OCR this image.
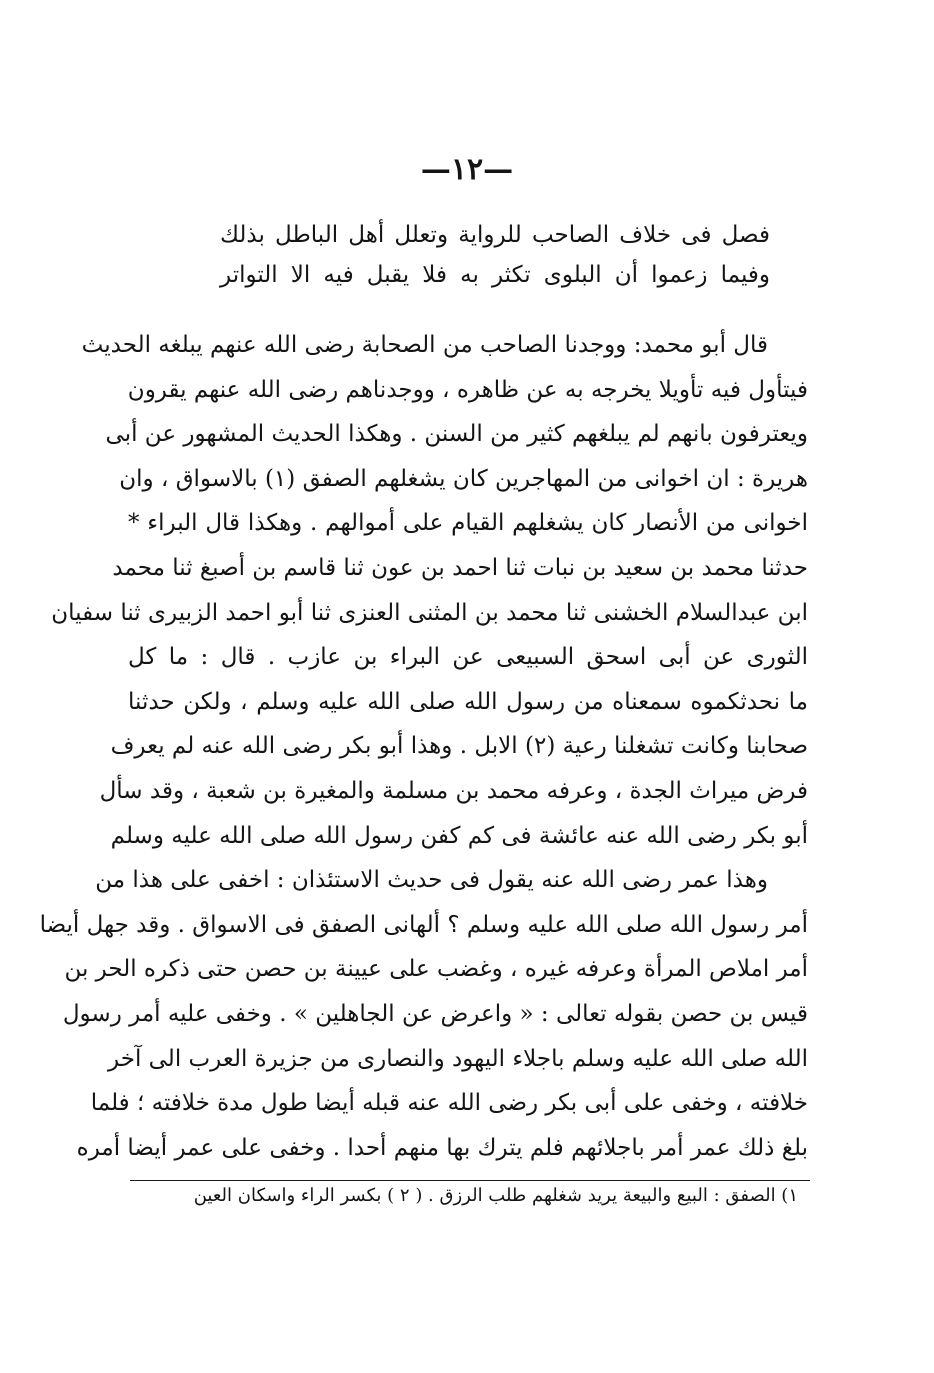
—١٢—
فصل فى خلاف الصاحب للرواية وتعلل أهل الباطل بذلك
وفيما زعموا أن البلوى تكثر به فلا يقبل فيه الا التواتر
قال أبو محمد: ووجدنا الصاحب من الصحابة رضى الله عنهم يبلغه الحديث
فيتأول فيه تأويلا يخرجه به عن ظاهره ، ووجدناهم رضى الله عنهم يقرون
ويعترفون بانهم لم يبلغهم كثير من السنن . وهكذا الحديث المشهور عن أبى
هريرة : ان اخوانى من المهاجرين كان يشغلهم الصفق (١) بالاسواق ، وان
اخوانى من الأنصار كان يشغلهم القيام على أموالهم . وهكذا قال البراء *
حدثنا محمد بن سعيد بن نبات ثنا احمد بن عون ثنا قاسم بن أصبغ ثنا محمد
ابن عبدالسلام الخشنى ثنا محمد بن المثنى العنزى ثنا أبو احمد الزبيرى ثنا سفيان
الثورى عن أبى اسحق السبيعى عن البراء بن عازب . قال : ما كل
ما نحدثكموه سمعناه من رسول الله صلى الله عليه وسلم ، ولكن حدثنا
صحابنا وكانت تشغلنا رعية (٢) الابل . وهذا أبو بكر رضى الله عنه لم يعرف
فرض ميراث الجدة ، وعرفه محمد بن مسلمة والمغيرة بن شعبة ، وقد سأل
أبو بكر رضى الله عنه عائشة فى كم كفن رسول الله صلى الله عليه وسلم
وهذا عمر رضى الله عنه يقول فى حديث الاستئذان : اخفى على هذا من
أمر رسول الله صلى الله عليه وسلم ؟ ألهانى الصفق فى الاسواق . وقد جهل أيضا
أمر املاص المرأة وعرفه غيره ، وغضب على عيينة بن حصن حتى ذكره الحر بن
قيس بن حصن بقوله تعالى : « واعرض عن الجاهلين » . وخفى عليه أمر رسول
الله صلى الله عليه وسلم باجلاء اليهود والنصارى من جزيرة العرب الى آخر
خلافته ، وخفى على أبى بكر رضى الله عنه قبله أيضا طول مدة خلافته ؛ فلما
بلغ ذلك عمر أمر باجلائهم فلم يترك بها منهم أحدا . وخفى على عمر أيضا أمره
١) الصفق : البيع والبيعة يريد شغلهم طلب الرزق . ( ٢ ) بكسر الراء واسكان العين
